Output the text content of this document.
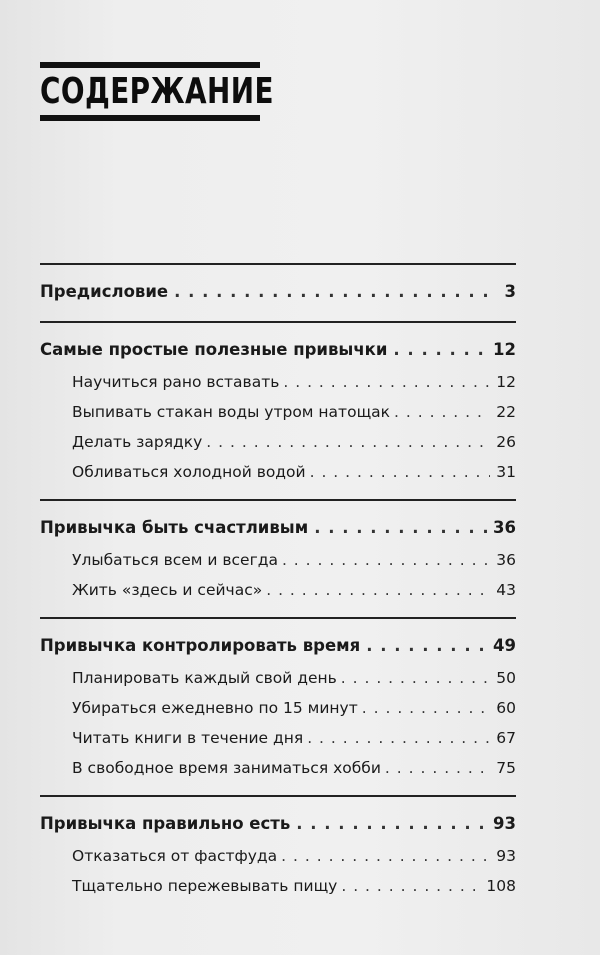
СОДЕРЖАНИЕ
Предисловие . . .	3
Самые простые полезные привычки . . .	12
Научиться рано вставать . . .	12
Выпивать стакан воды утром натощак . . .	22
Делать зарядку . . .	26
Обливаться холодной водой . . .	31
Привычка быть счастливым . . .	36
Улыбаться всем и всегда . . .	36
Жить «здесь и сейчас» . . .	43
Привычка контролировать время . . .	49
Планировать каждый свой день . . .	50
Убираться ежедневно по 15 минут . . .	60
Читать книги в течение дня . . .	67
В свободное время заниматься хобби . . .	75
Привычка правильно есть . . .	93
Отказаться от фастфуда . . .	93
Тщательно пережевывать пищу . . .	108
